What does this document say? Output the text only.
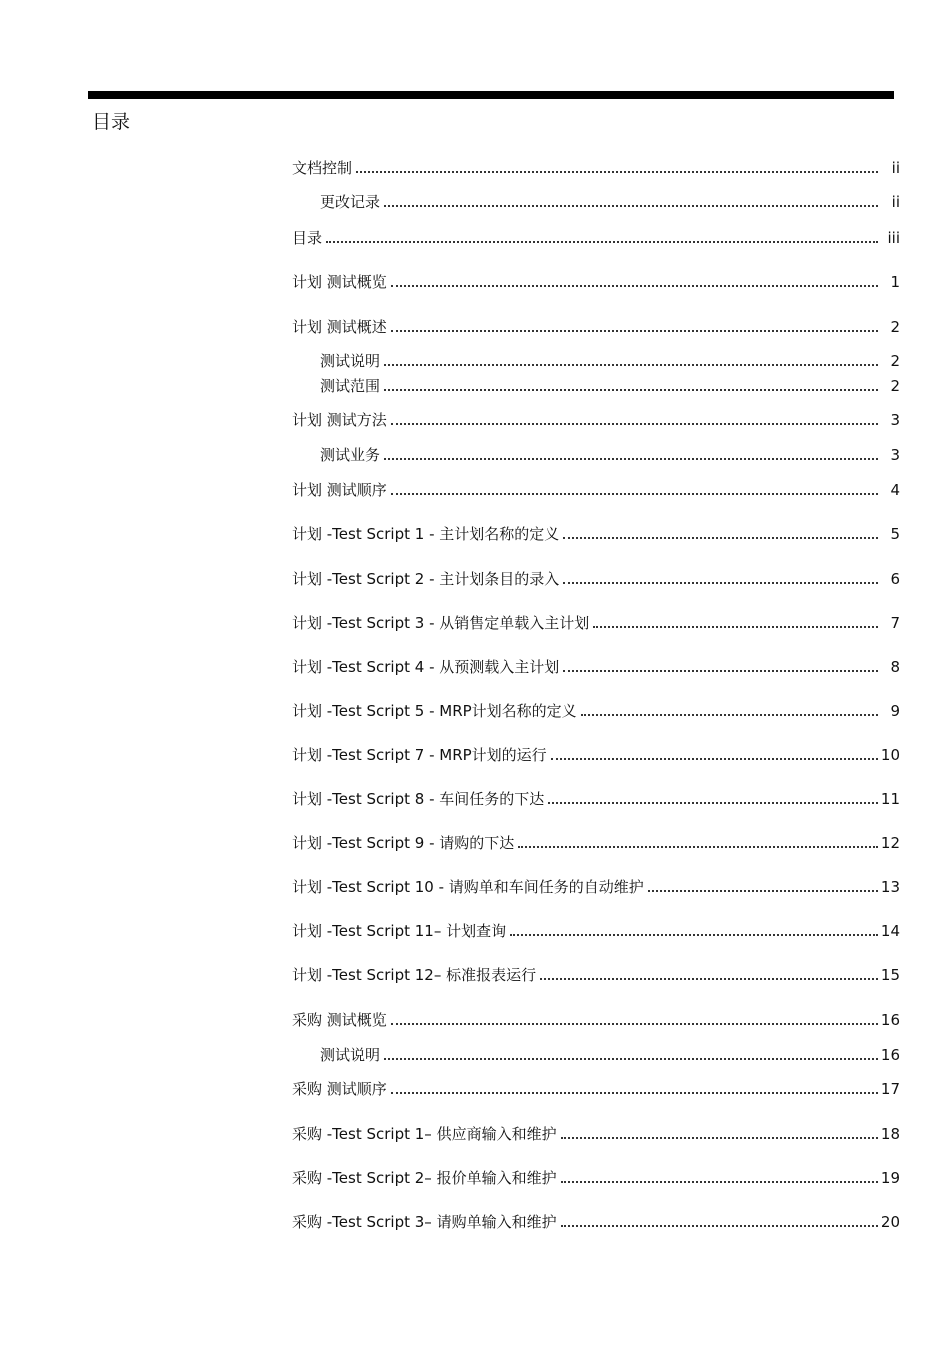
目录
文档控制	ii
更改记录	ii
目录	iii
计划 测试概览	1
计划 测试概述	2
测试说明	2
测试范围	2
计划 测试方法	3
测试业务	3
计划 测试顺序	4
计划 -Test Script 1 - 主计划名称的定义	5
计划 -Test Script 2 - 主计划条目的录入	6
计划 -Test Script 3 - 从销售定单载入主计划	7
计划 -Test Script 4 - 从预测载入主计划	8
计划 -Test Script 5 - MRP计划名称的定义	9
计划 -Test Script 7 - MRP计划的运行	10
计划 -Test Script 8 - 车间任务的下达	11
计划 -Test Script 9 - 请购的下达	12
计划 -Test Script 10 - 请购单和车间任务的自动维护	13
计划 -Test Script 11– 计划查询	14
计划 -Test Script 12– 标准报表运行	15
采购 测试概览	16
测试说明	16
采购 测试顺序	17
采购 -Test Script 1– 供应商输入和维护	18
采购 -Test Script 2– 报价单输入和维护	19
采购 -Test Script 3– 请购单输入和维护	20
